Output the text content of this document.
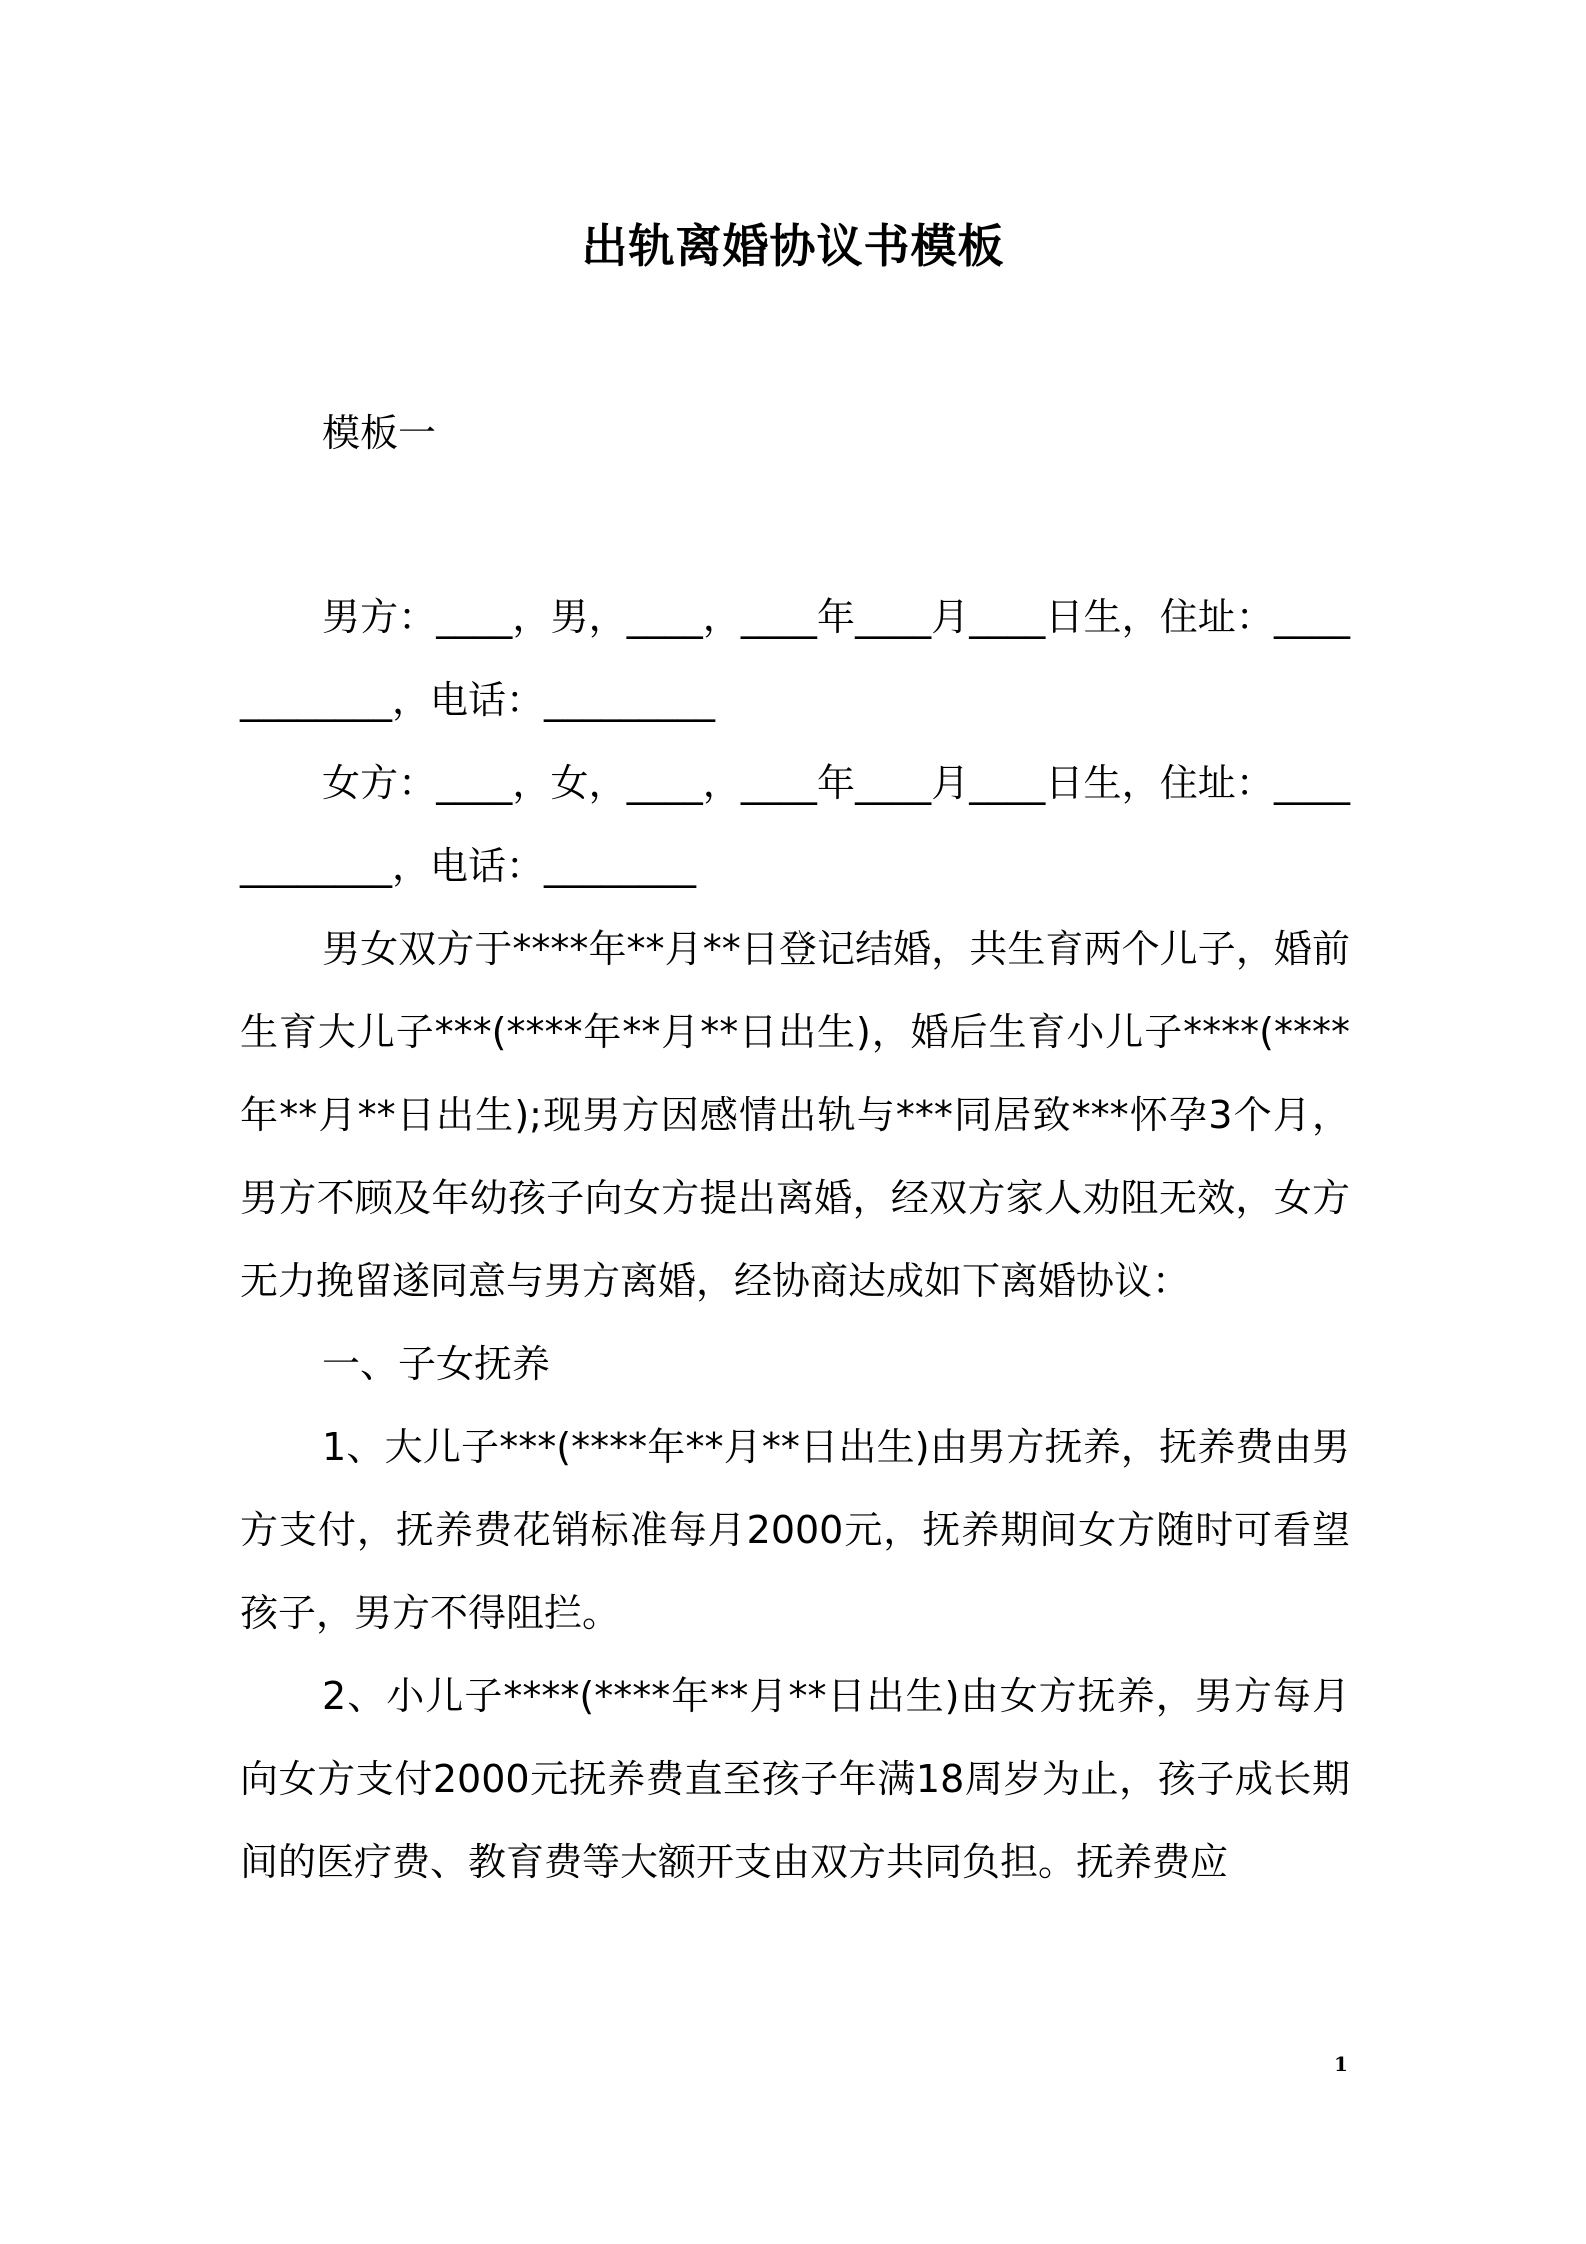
出轨离婚协议书模板

模板一

男方：____，男，____，____年____月____日生，住址：____________，电话：_________

女方：____，女，____，____年____月____日生，住址：____________，电话：________

男女双方于****年**月**日登记结婚，共生育两个儿子，婚前生育大儿子***(****年**月**日出生)，婚后生育小儿子****(****年**月**日出生);现男方因感情出轨与***同居致***怀孕3个月，男方不顾及年幼孩子向女方提出离婚，经双方家人劝阻无效，女方无力挽留遂同意与男方离婚，经协商达成如下离婚协议：

一、子女抚养

1、大儿子***(****年**月**日出生)由男方抚养，抚养费由男方支付，抚养费花销标准每月2000元，抚养期间女方随时可看望孩子，男方不得阻拦。

2、小儿子****(****年**月**日出生)由女方抚养，男方每月向女方支付2000元抚养费直至孩子年满18周岁为止，孩子成长期间的医疗费、教育费等大额开支由双方共同负担。抚养费应

1
